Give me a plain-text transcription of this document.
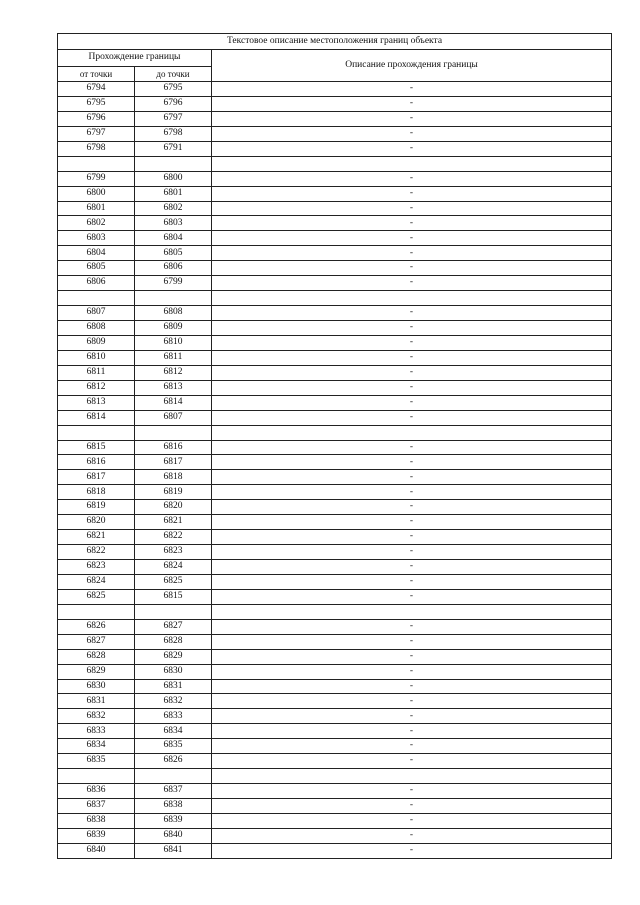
Текстовое описание местоположения границ объекта		
Прохождение границы		Описание прохождения границы
от точки	до точки	
6794	6795	-
6795	6796	-
6796	6797	-
6797	6798	-
6798	6791	-

6799	6800	-
6800	6801	-
6801	6802	-
6802	6803	-
6803	6804	-
6804	6805	-
6805	6806	-
6806	6799	-

6807	6808	-
6808	6809	-
6809	6810	-
6810	6811	-
6811	6812	-
6812	6813	-
6813	6814	-
6814	6807	-

6815	6816	-
6816	6817	-
6817	6818	-
6818	6819	-
6819	6820	-
6820	6821	-
6821	6822	-
6822	6823	-
6823	6824	-
6824	6825	-
6825	6815	-

6826	6827	-
6827	6828	-
6828	6829	-
6829	6830	-
6830	6831	-
6831	6832	-
6832	6833	-
6833	6834	-
6834	6835	-
6835	6826	-

6836	6837	-
6837	6838	-
6838	6839	-
6839	6840	-
6840	6841	-
